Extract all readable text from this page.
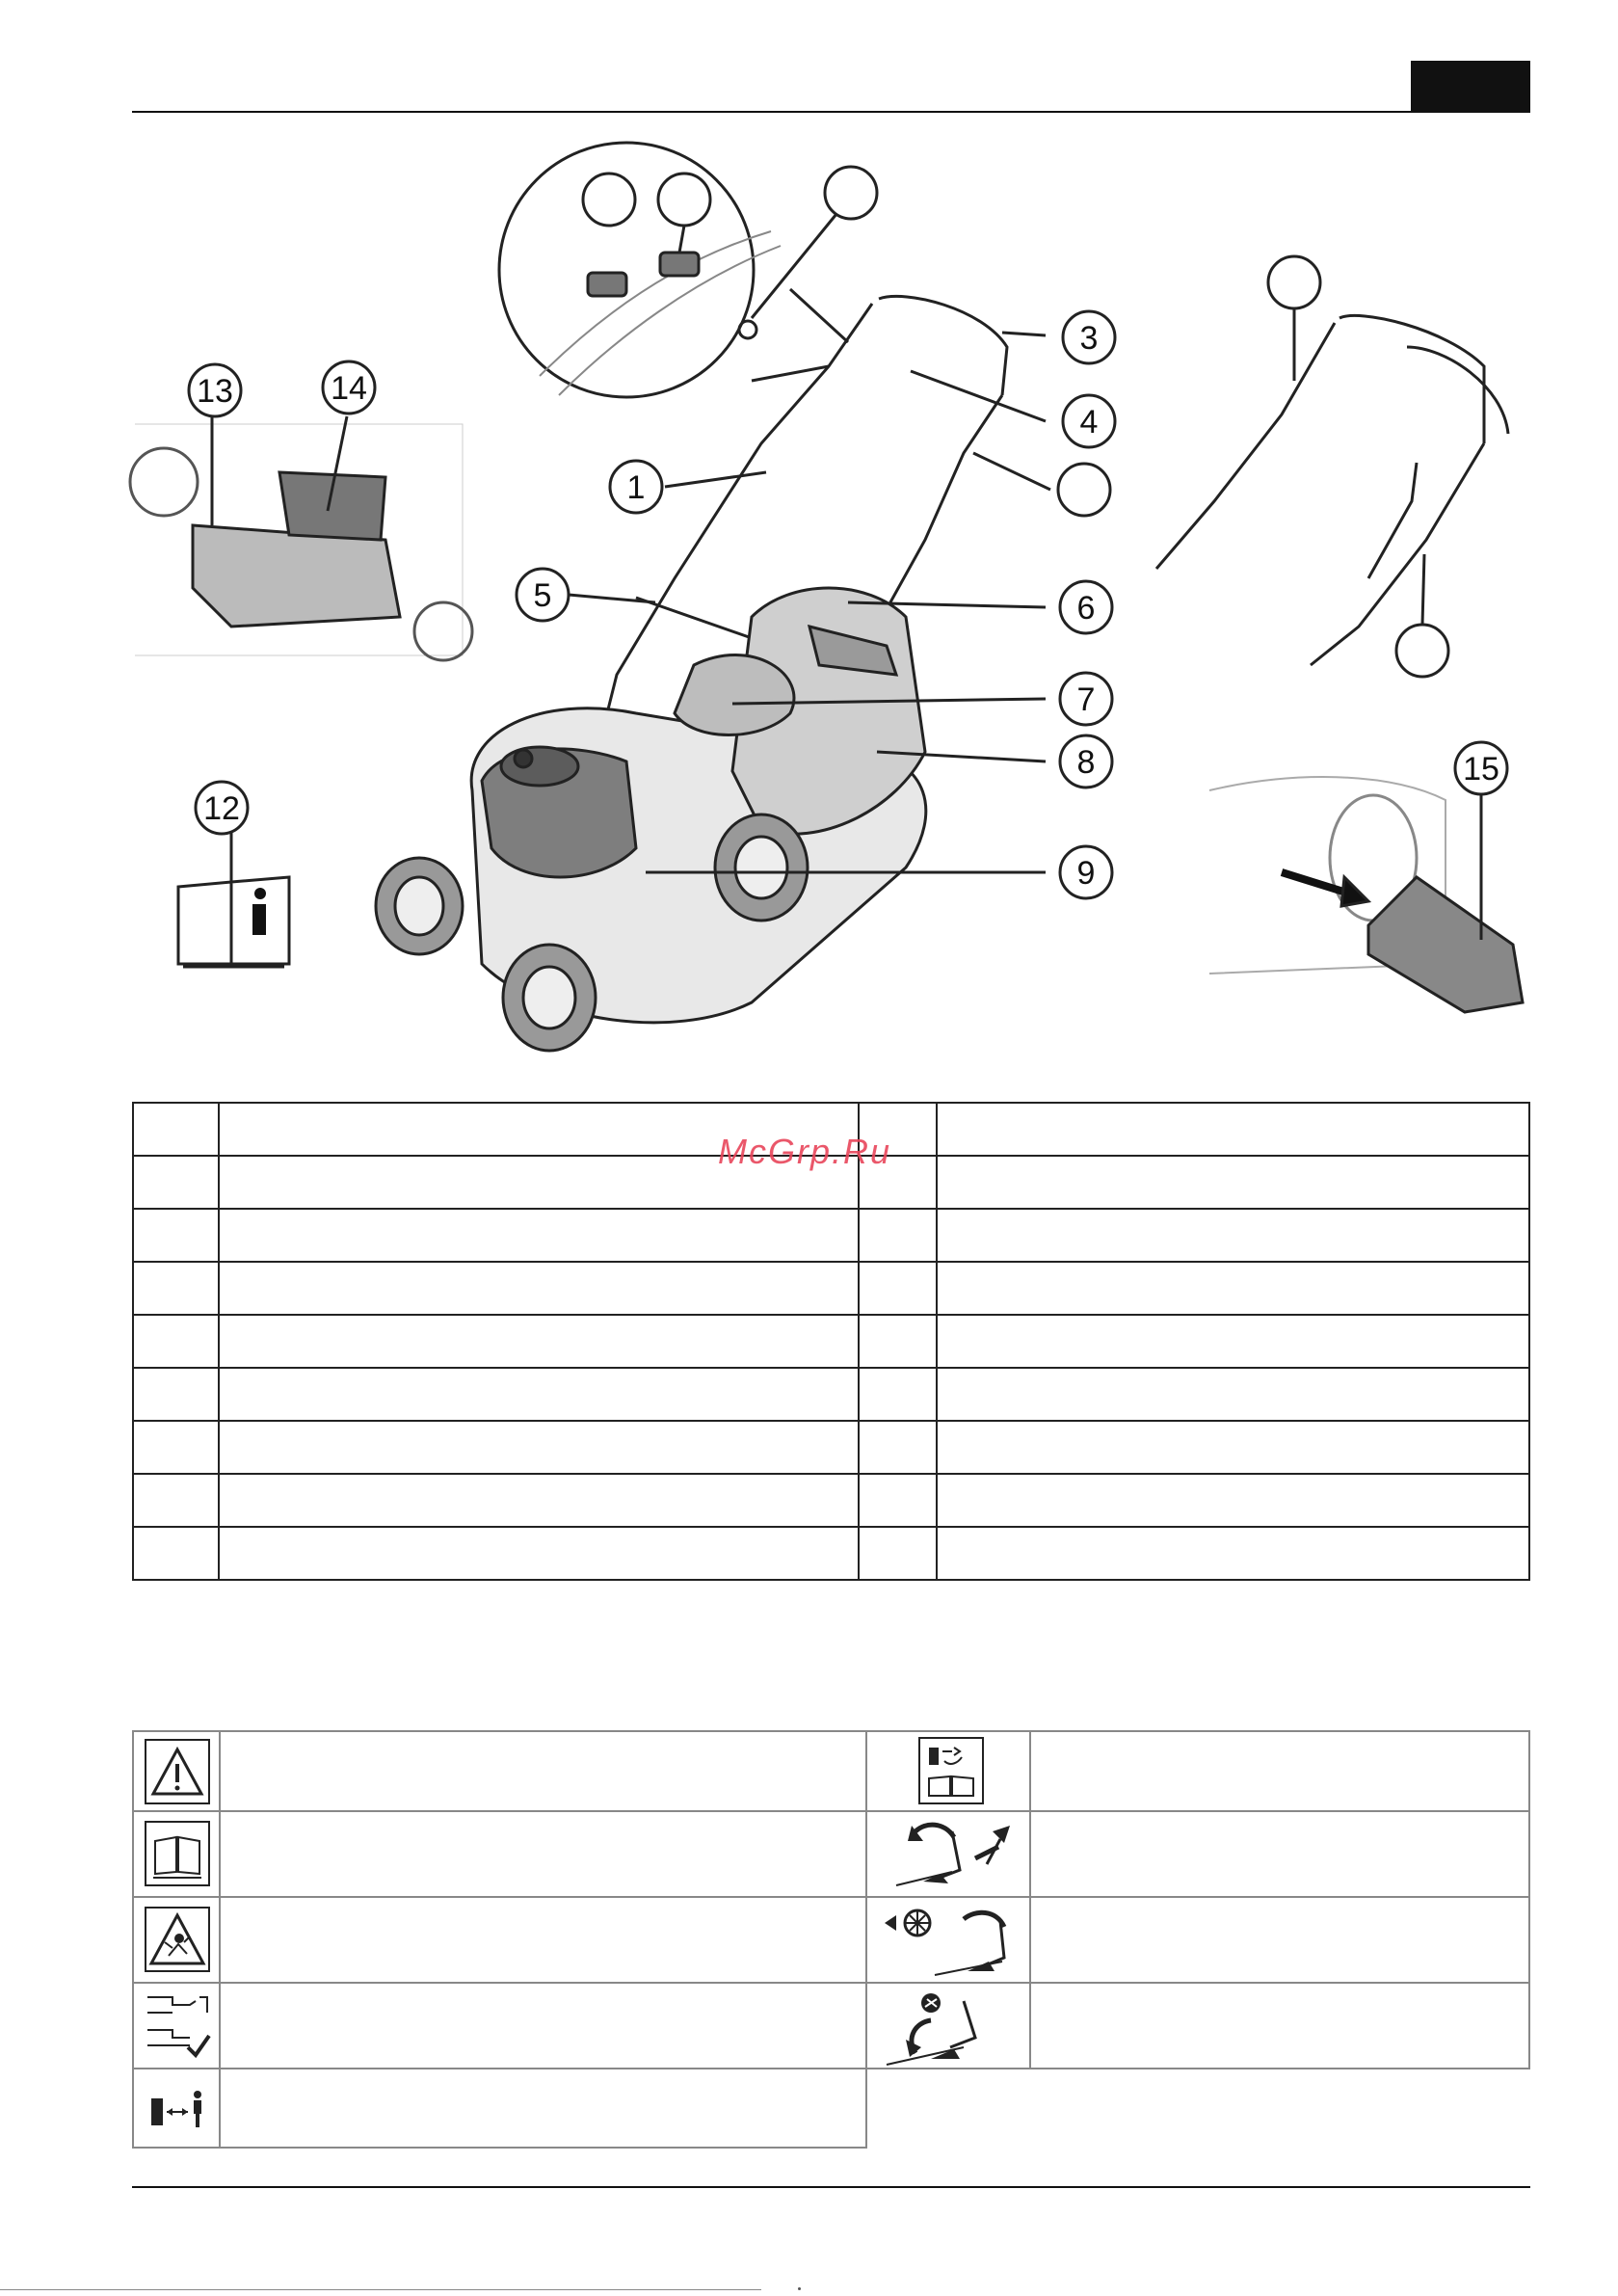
1
3
4
5	6
7
8
9
12
13	14
15

McGrp.Ru
